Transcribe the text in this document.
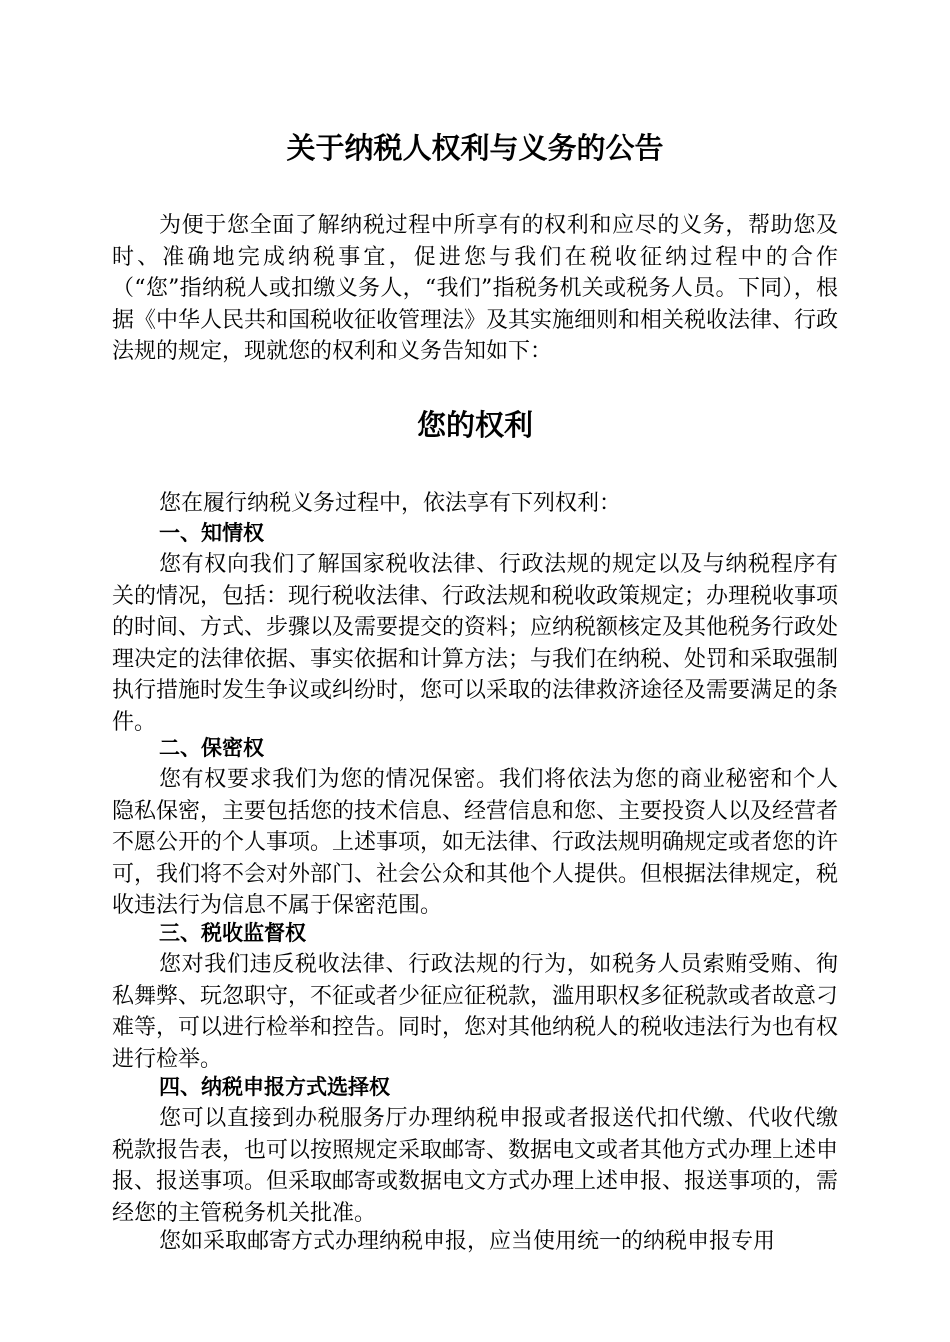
关于纳税人权利与义务的公告

为便于您全面了解纳税过程中所享有的权利和应尽的义务，帮助您及时、准确地完成纳税事宜，促进您与我们在税收征纳过程中的合作（“您”指纳税人或扣缴义务人，“我们”指税务机关或税务人员。下同），根据《中华人民共和国税收征收管理法》及其实施细则和相关税收法律、行政法规的规定，现就您的权利和义务告知如下：

您的权利

您在履行纳税义务过程中，依法享有下列权利：

一、知情权

您有权向我们了解国家税收法律、行政法规的规定以及与纳税程序有关的情况，包括：现行税收法律、行政法规和税收政策规定；办理税收事项的时间、方式、步骤以及需要提交的资料；应纳税额核定及其他税务行政处理决定的法律依据、事实依据和计算方法；与我们在纳税、处罚和采取强制执行措施时发生争议或纠纷时，您可以采取的法律救济途径及需要满足的条件。

二、保密权

您有权要求我们为您的情况保密。我们将依法为您的商业秘密和个人隐私保密，主要包括您的技术信息、经营信息和您、主要投资人以及经营者不愿公开的个人事项。上述事项，如无法律、行政法规明确规定或者您的许可，我们将不会对外部门、社会公众和其他个人提供。但根据法律规定，税收违法行为信息不属于保密范围。

三、税收监督权

您对我们违反税收法律、行政法规的行为，如税务人员索贿受贿、徇私舞弊、玩忽职守，不征或者少征应征税款，滥用职权多征税款或者故意刁难等，可以进行检举和控告。同时，您对其他纳税人的税收违法行为也有权进行检举。

四、纳税申报方式选择权

您可以直接到办税服务厅办理纳税申报或者报送代扣代缴、代收代缴税款报告表，也可以按照规定采取邮寄、数据电文或者其他方式办理上述申报、报送事项。但采取邮寄或数据电文方式办理上述申报、报送事项的，需经您的主管税务机关批准。

您如采取邮寄方式办理纳税申报，应当使用统一的纳税申报专用
